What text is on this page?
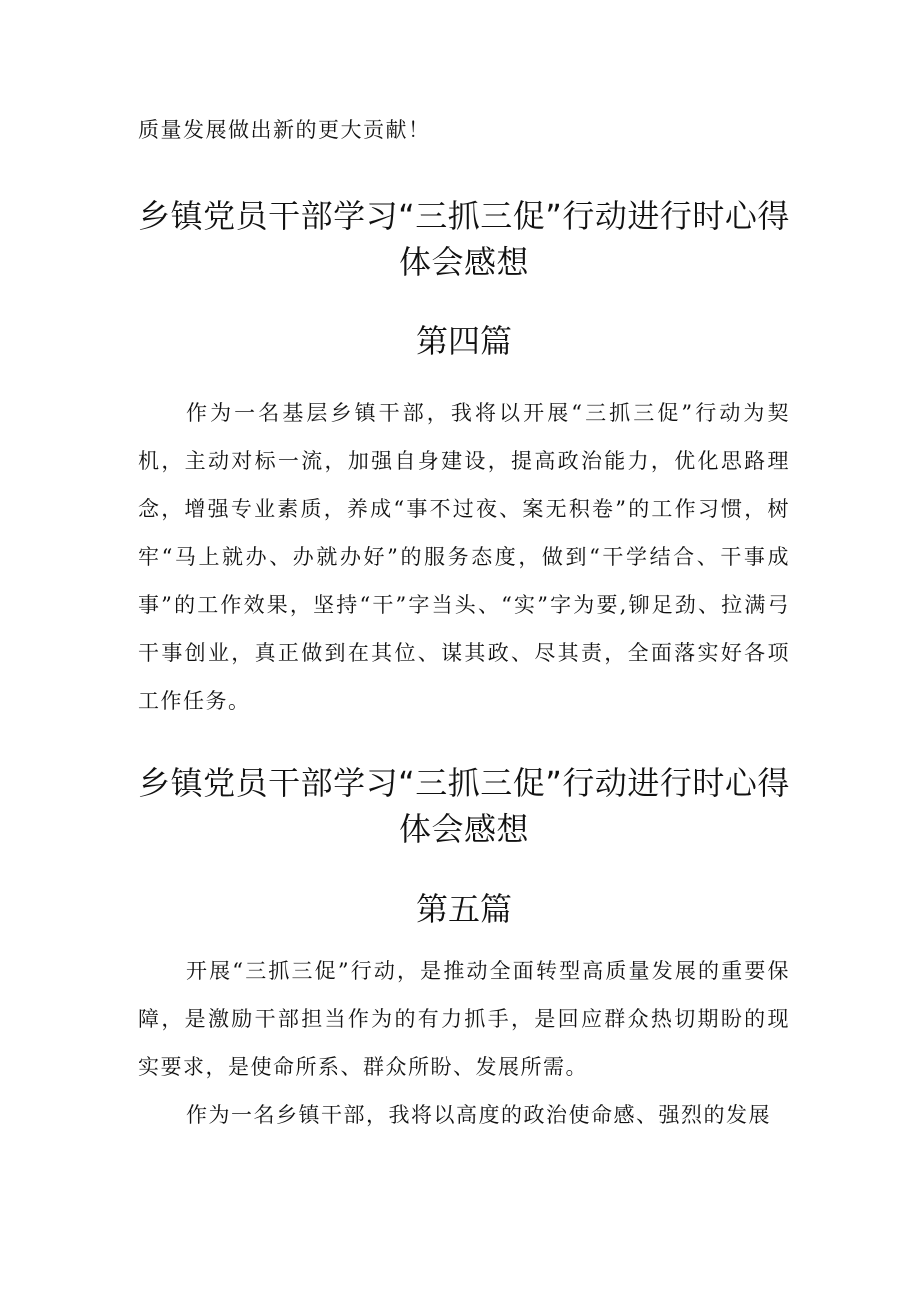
质量发展做出新的更大贡献！

乡镇党员干部学习“三抓三促”行动进行时心得体会感想
第四篇

作为一名基层乡镇干部，我将以开展“三抓三促”行动为契机，主动对标一流，加强自身建设，提高政治能力，优化思路理念，增强专业素质，养成“事不过夜、案无积卷”的工作习惯，树牢“马上就办、办就办好”的服务态度，做到“干学结合、干事成事”的工作效果，坚持“干”字当头、“实”字为要,铆足劲、拉满弓干事创业，真正做到在其位、谋其政、尽其责，全面落实好各项工作任务。

乡镇党员干部学习“三抓三促”行动进行时心得体会感想
第五篇

开展“三抓三促”行动，是推动全面转型高质量发展的重要保障，是激励干部担当作为的有力抓手，是回应群众热切期盼的现实要求，是使命所系、群众所盼、发展所需。

作为一名乡镇干部，我将以高度的政治使命感、强烈的发展
